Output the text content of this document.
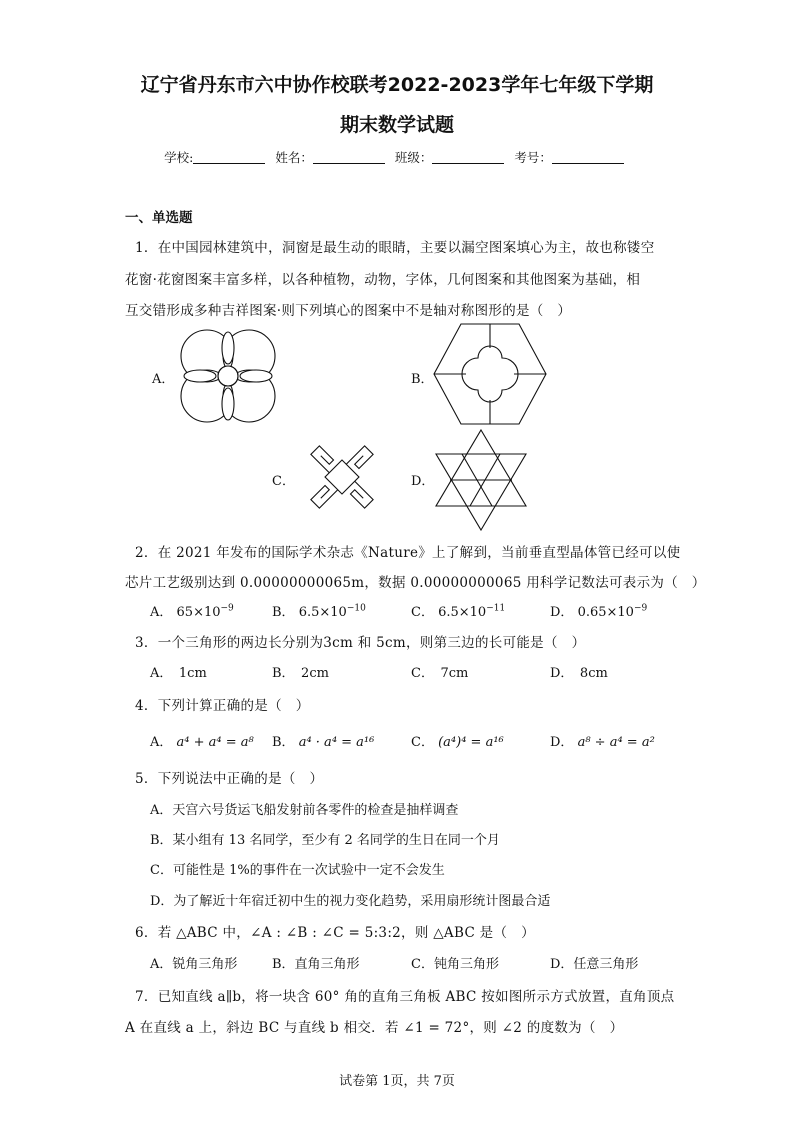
辽宁省丹东市六中协作校联考2022-2023学年七年级下学期
期末数学试题
学校:	姓名：	班级：	考号：
一、单选题
1．在中国园林建筑中，洞窗是最生动的眼睛，主要以漏空图案填心为主，故也称镂空
花窗·花窗图案丰富多样，以各种植物，动物，字体，几何图案和其他图案为基础，相
互交错形成多种吉祥图案·则下列填心的图案中不是轴对称图形的是（　）
A．	B．
C．	D．
2．在 2021 年发布的国际学术杂志《Nature》上了解到，当前垂直型晶体管已经可以使
芯片工艺级别达到 0.00000000065m，数据 0.00000000065 用科学记数法可表示为（　）
A． $65\times 10^{-9}$	B． $6.5\times 10^{-10}$	C． $6.5\times 10^{-11}$	D． $0.65\times 10^{-9}$
3．一个三角形的两边长分别为3cm 和 5cm，则第三边的长可能是（　）
A．　1cm	B．　2cm	C．　7cm	D．　8cm
4．下列计算正确的是（　）
A． a⁴ + a⁴ = a⁸ B． a⁴ · a⁴ = a¹⁶	C． (a⁴)⁴ = a¹⁶	D． a⁸ ÷ a⁴ = a²
5．下列说法中正确的是（　）
A．天宫六号货运飞船发射前各零件的检查是抽样调查
B．某小组有 13 名同学，至少有 2 名同学的生日在同一个月
C．可能性是 1%的事件在一次试验中一定不会发生
D．为了解近十年宿迁初中生的视力变化趋势，采用扇形统计图最合适
6．若 △ABC 中，∠A : ∠B : ∠C = 5:3:2，则 △ABC 是（　）
A．锐角三角形	B．直角三角形	C．钝角三角形	D．任意三角形
7．已知直线 a∥b，将一块含 60° 角的直角三角板 ABC 按如图所示方式放置，直角顶点
A 在直线 a 上，斜边 BC 与直线 b 相交．若 ∠1 = 72°，则 ∠2 的度数为（　）
试卷第 1页，共 7页
